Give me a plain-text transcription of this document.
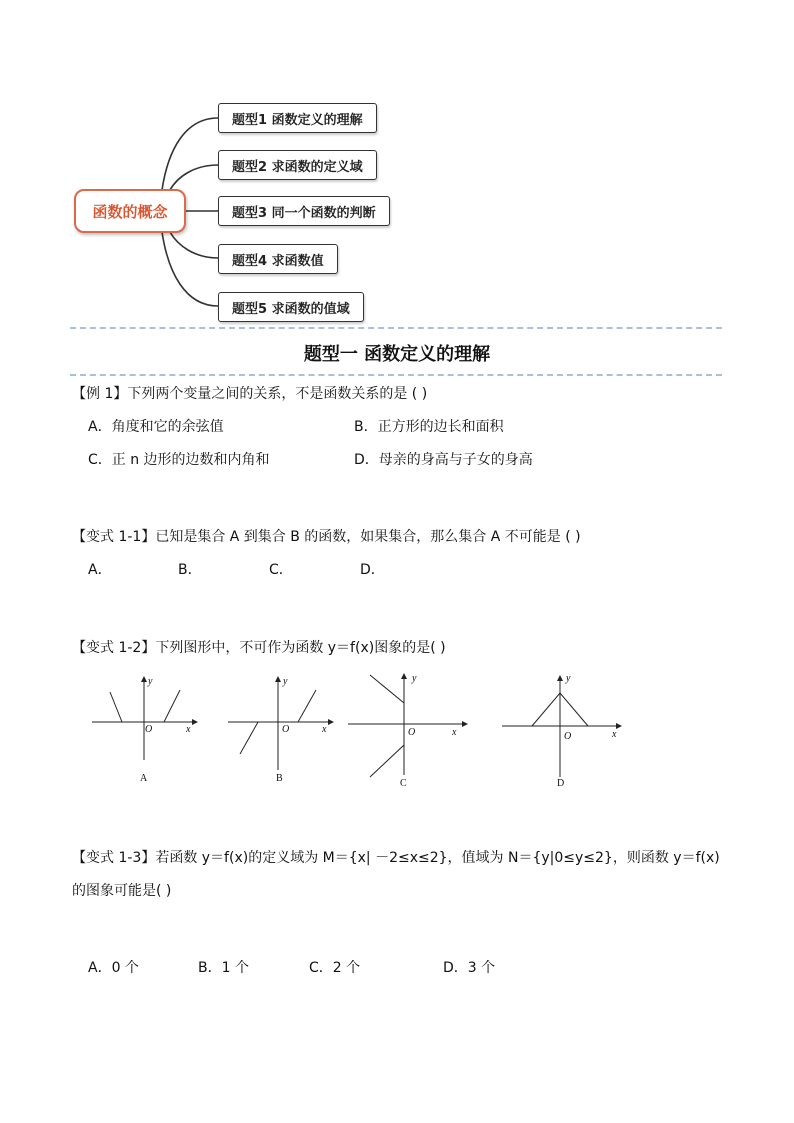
函数的概念
题型1 函数定义的理解
题型2 求函数的定义域
题型3 同一个函数的判断
题型4 求函数值
题型5 求函数的值域
题型一 函数定义的理解
【例 1】下列两个变量之间的关系，不是函数关系的是 ( )
A．角度和它的余弦值	B．正方形的边长和面积
C．正 n 边形的边数和内角和	D．母亲的身高与子女的身高
【变式 1-1】已知是集合 A 到集合 B 的函数，如果集合，那么集合 A 不可能是 ( )
A．	B．	C．	D．
【变式 1-2】下列图形中，不可作为函数 y＝f(x)图象的是( )
y
x
O
A
y
x
O
B
y
x
O
C
y
x
O
D
【变式 1-3】若函数 y＝f(x)的定义域为 M＝{x| －2≤x≤2}，值域为 N＝{y|0≤y≤2}，则函数 y＝f(x)
的图象可能是( )
A．0 个	B．1 个	C．2 个	D．3 个
